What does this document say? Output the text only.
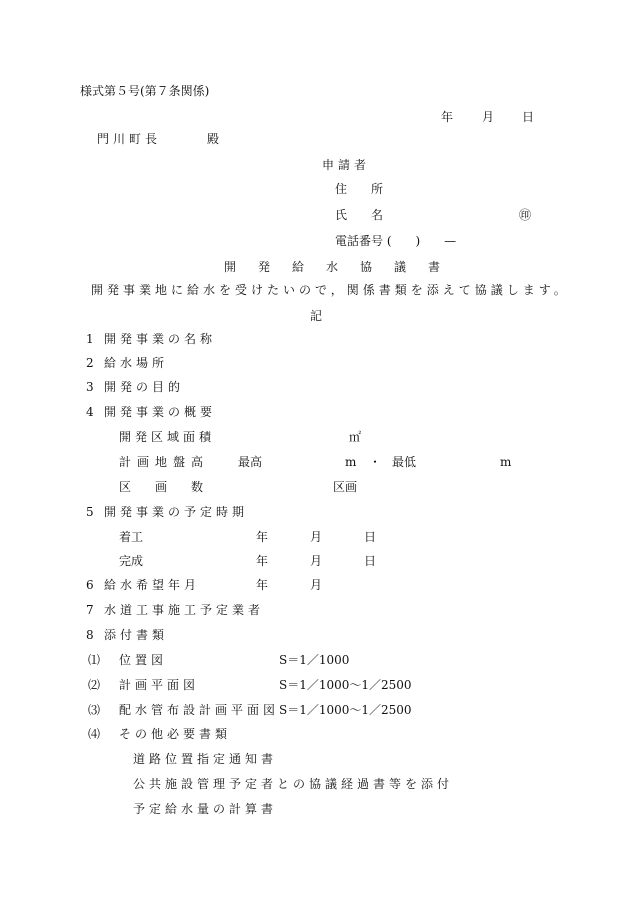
様式第５号(第７条関係)
年 月 日
門川町長	殿
申請者
住　　所
氏　　名	㊞
電話番号 (　　)　　—
開発給水協議書
開発事業地に給水を受けたいので，関係書類を添えて協議します。
記
1 開発事業の名称
2 給水場所
3 開発の目的
4 開発事業の概要
開発区域面積	㎡
計画地盤高 最高	m ・ 最低	m
区　　画　　数	区画
5 開発事業の予定時期
着工	年	月	日
完成	年	月	日
6 給水希望年月	年	月
7 水道工事施工予定業者
8 添付書類
⑴ 位置図	S＝1／1000
⑵ 計画平面図	S＝1／1000〜1／2500
⑶ 配水管布設計画平面図 S＝1／1000〜1／2500
⑷ その他必要書類
道路位置指定通知書
公共施設管理予定者との協議経過書等を添付
予定給水量の計算書
